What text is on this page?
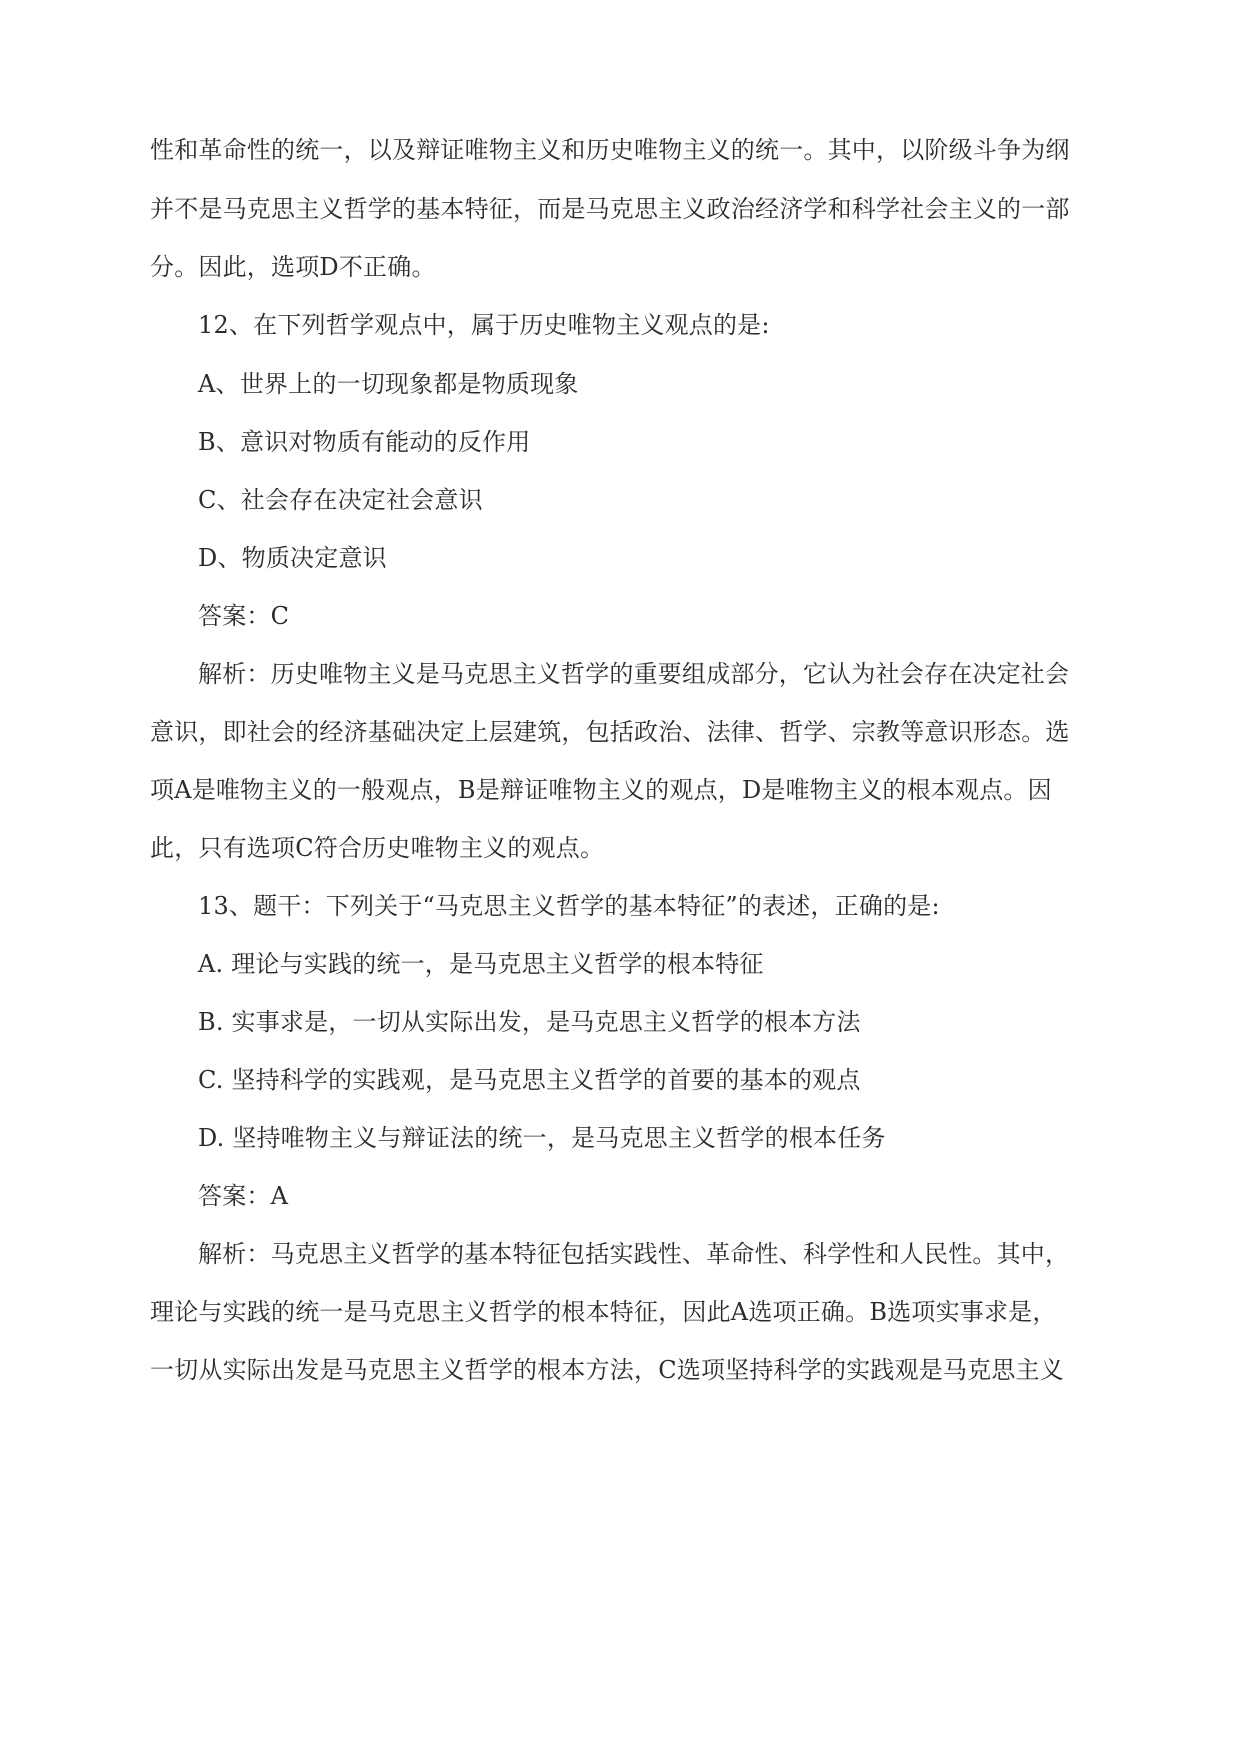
性和革命性的统一，以及辩证唯物主义和历史唯物主义的统一。其中，以阶级斗争为纲

并不是马克思主义哲学的基本特征，而是马克思主义政治经济学和科学社会主义的一部

分。因此，选项D不正确。

12、在下列哲学观点中，属于历史唯物主义观点的是:

A、世界上的一切现象都是物质现象

B、意识对物质有能动的反作用

C、社会存在决定社会意识

D、物质决定意识

答案：C

解析：历史唯物主义是马克思主义哲学的重要组成部分，它认为社会存在决定社会

意识，即社会的经济基础决定上层建筑，包括政治、法律、哲学、宗教等意识形态。选

项A是唯物主义的一般观点，B是辩证唯物主义的观点，D是唯物主义的根本观点。因

此，只有选项C符合历史唯物主义的观点。

13、题干：下列关于“马克思主义哲学的基本特征”的表述，正确的是:

A. 理论与实践的统一，是马克思主义哲学的根本特征

B. 实事求是，一切从实际出发，是马克思主义哲学的根本方法

C. 坚持科学的实践观，是马克思主义哲学的首要的基本的观点

D. 坚持唯物主义与辩证法的统一，是马克思主义哲学的根本任务

答案：A

解析：马克思主义哲学的基本特征包括实践性、革命性、科学性和人民性。其中，

理论与实践的统一是马克思主义哲学的根本特征，因此A选项正确。B选项实事求是，

一切从实际出发是马克思主义哲学的根本方法，C选项坚持科学的实践观是马克思主义
